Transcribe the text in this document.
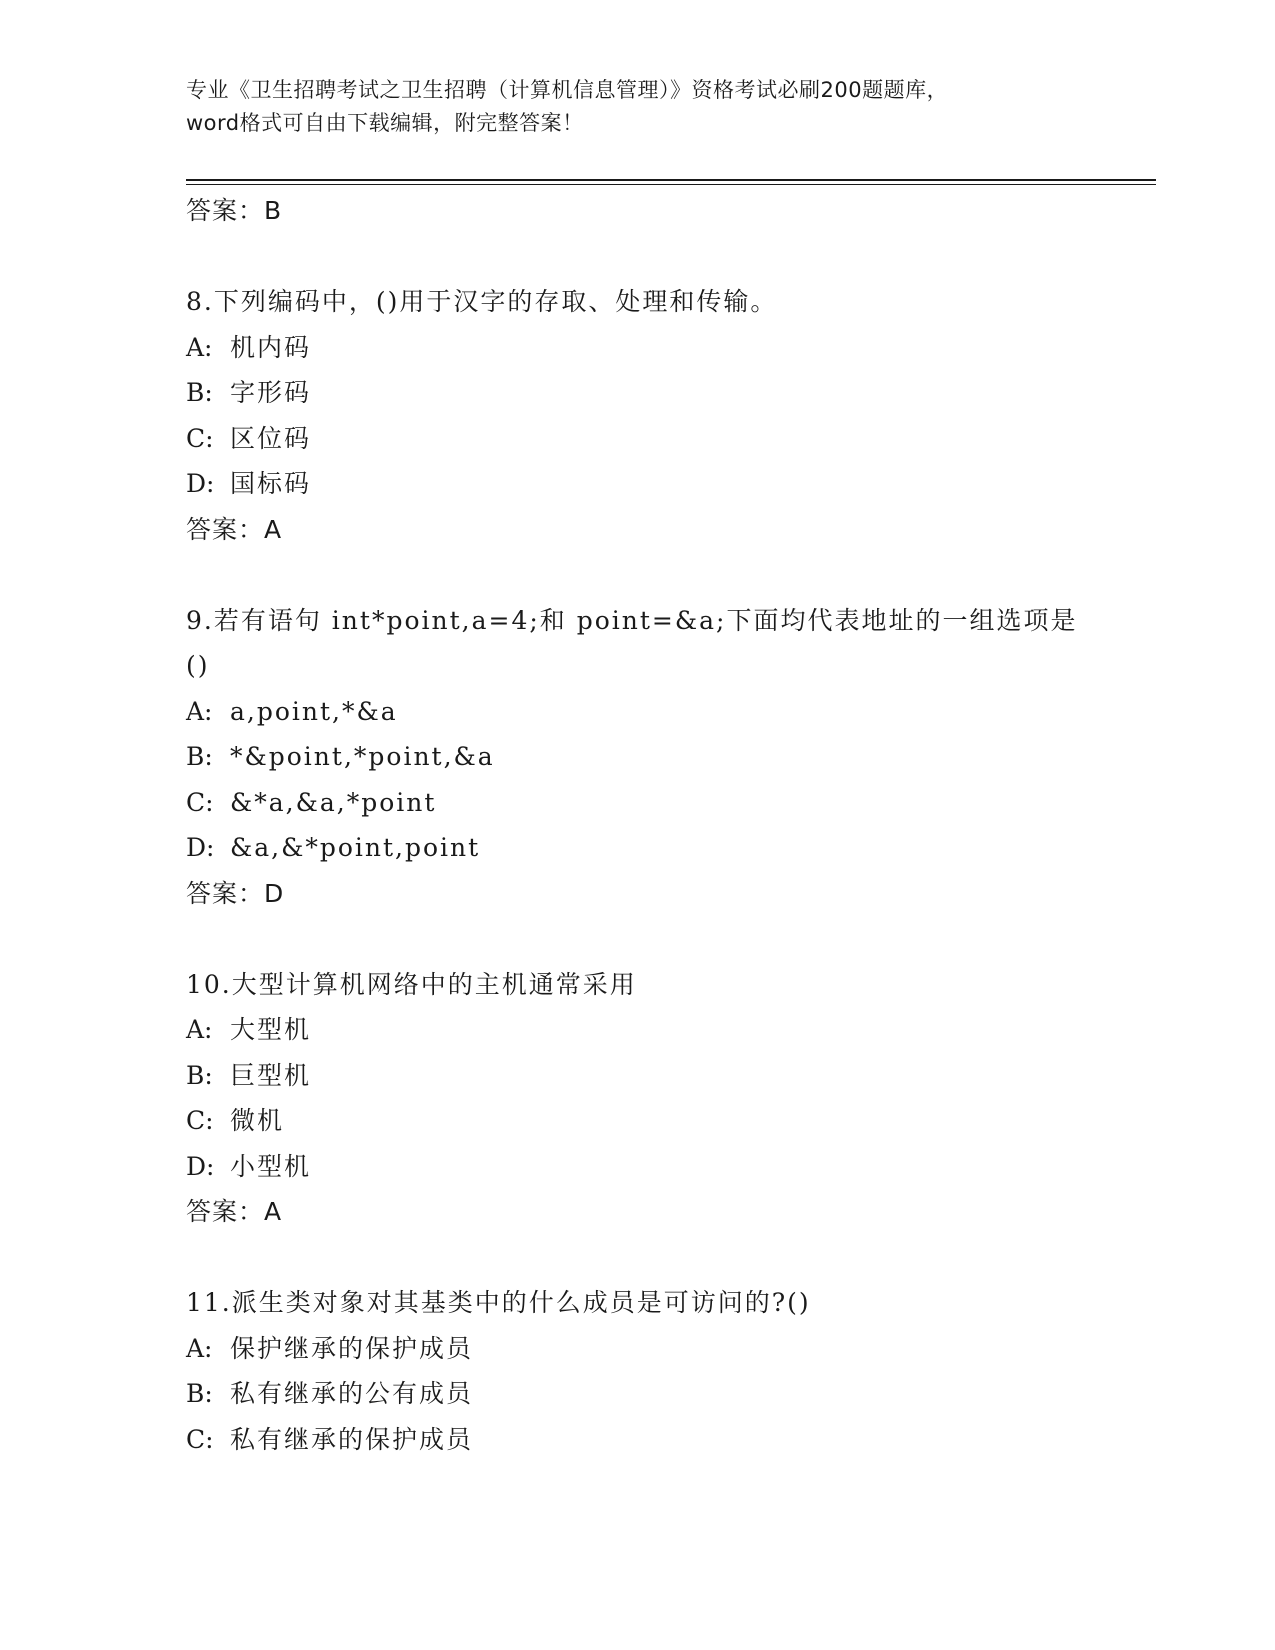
专业《卫生招聘考试之卫生招聘（计算机信息管理）》资格考试必刷200题题库，
word格式可自由下载编辑，附完整答案！
答案：B
8.下列编码中，()用于汉字的存取、处理和传输。
A: 机内码
B: 字形码
C: 区位码
D: 国标码
答案：A
9.若有语句 int*point,a=4;和 point=&a;下面均代表地址的一组选项是()
A: a,point,*&a
B: *&point,*point,&a
C: &*a,&a,*point
D: &a,&*point,point
答案：D
10.大型计算机网络中的主机通常采用
A: 大型机
B: 巨型机
C: 微机
D: 小型机
答案：A
11.派生类对象对其基类中的什么成员是可访问的?()
A: 保护继承的保护成员
B: 私有继承的公有成员
C: 私有继承的保护成员
